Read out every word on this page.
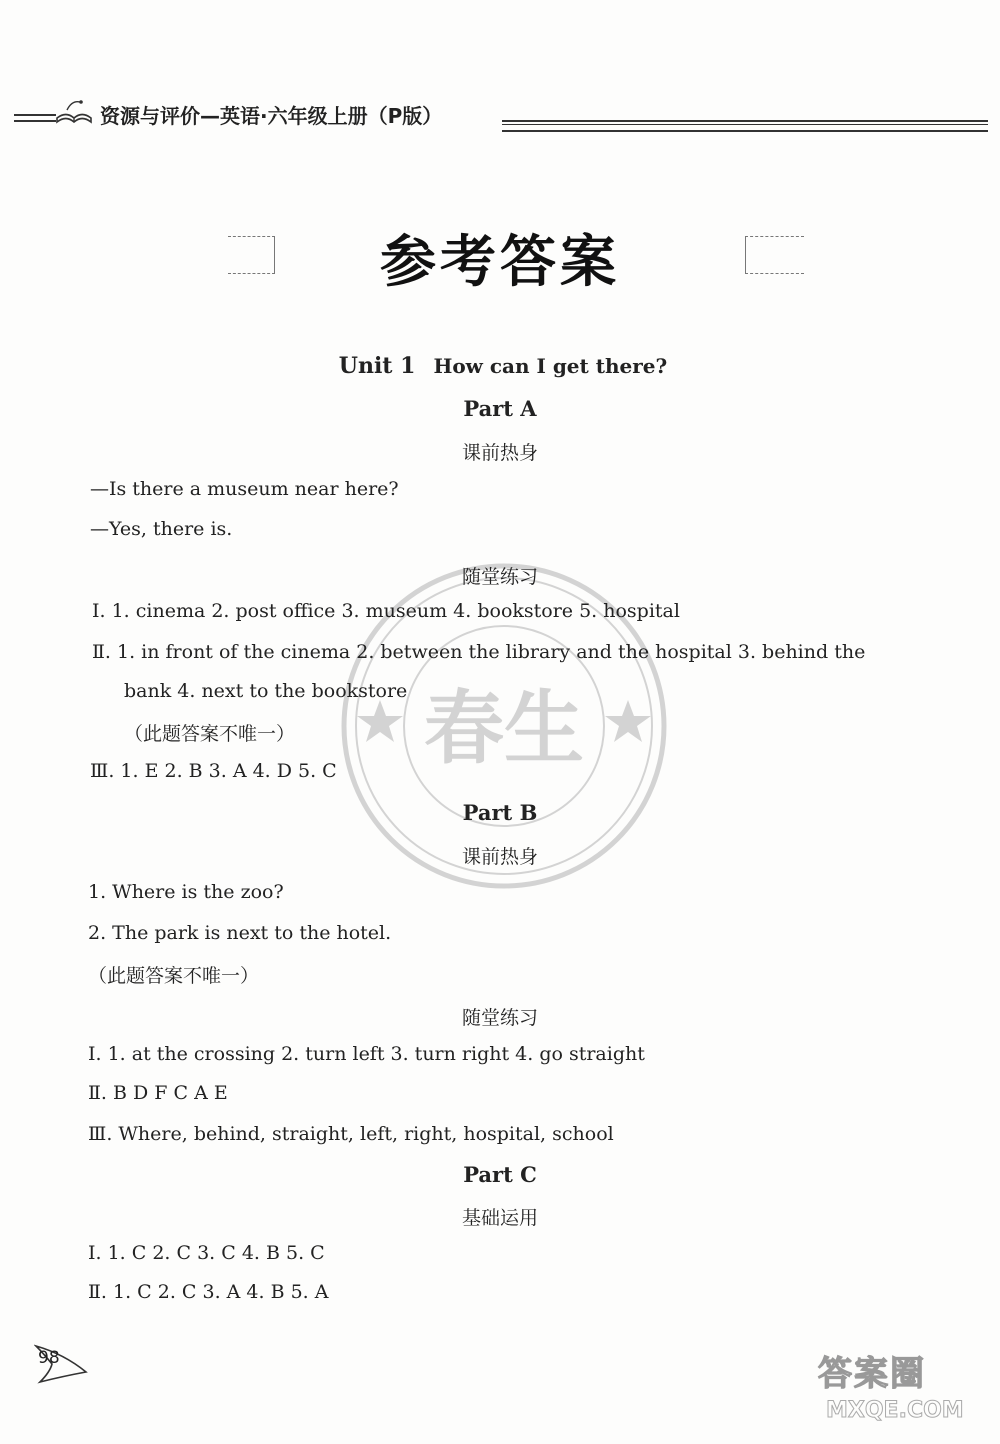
资源与评价—英语·六年级上册（P版）
参考答案
Unit 1 How can I get there?
春生
Part A
课前热身
—Is there a museum near here?
—Yes, there is.
随堂练习
Ⅰ. 1. cinema 2. post office 3. museum 4. bookstore 5. hospital
Ⅱ. 1. in front of the cinema 2. between the library and the hospital 3. behind the
bank 4. next to the bookstore
（此题答案不唯一）
Ⅲ. 1. E 2. B 3. A 4. D 5. C
Part B
课前热身
1. Where is the zoo?
2. The park is next to the hotel.
（此题答案不唯一）
随堂练习
Ⅰ. 1. at the crossing 2. turn left 3. turn right 4. go straight
Ⅱ. B D F C A E
Ⅲ. Where, behind, straight, left, right, hospital, school
Part C
基础运用
Ⅰ. 1. C 2. C 3. C 4. B 5. C
Ⅱ. 1. C 2. C 3. A 4. B 5. A
98	答案圈
MXQE.COM
